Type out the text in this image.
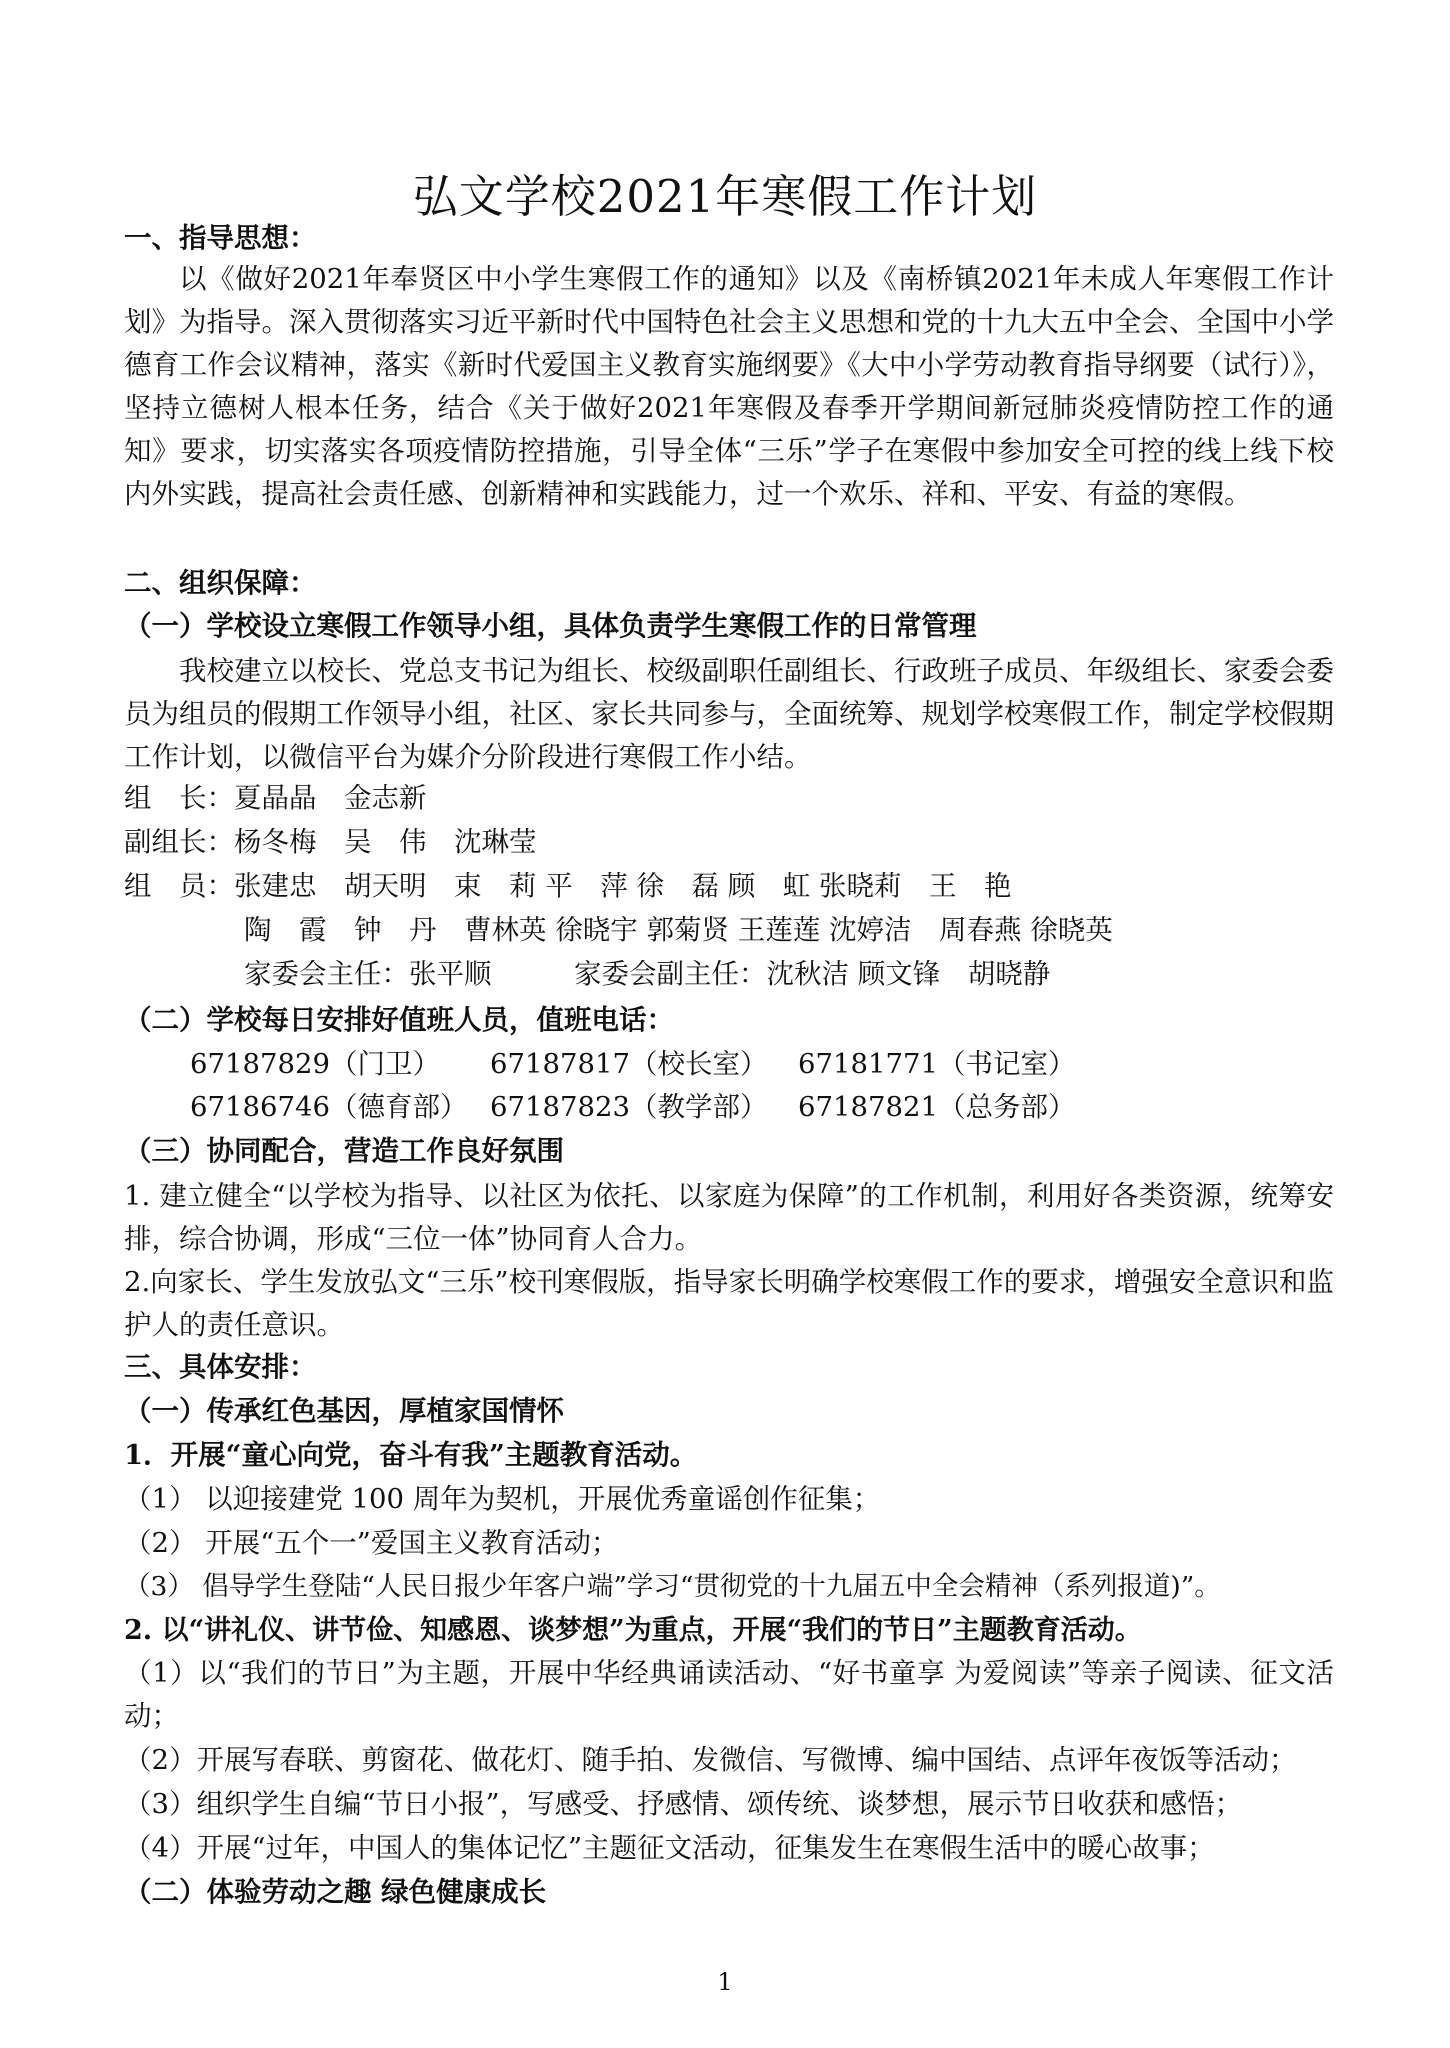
弘文学校2021年寒假工作计划
一、指导思想：
以《做好2021年奉贤区中小学生寒假工作的通知》以及《南桥镇2021年未成人年寒假工作计划》为指导。深入贯彻落实习近平新时代中国特色社会主义思想和党的十九大五中全会、全国中小学德育工作会议精神，落实《新时代爱国主义教育实施纲要》《大中小学劳动教育指导纲要（试行）》，坚持立德树人根本任务，结合《关于做好2021年寒假及春季开学期间新冠肺炎疫情防控工作的通知》要求，切实落实各项疫情防控措施，引导全体“三乐”学子在寒假中参加安全可控的线上线下校内外实践，提高社会责任感、创新精神和实践能力，过一个欢乐、祥和、平安、有益的寒假。
二、组织保障：
（一）学校设立寒假工作领导小组，具体负责学生寒假工作的日常管理
我校建立以校长、党总支书记为组长、校级副职任副组长、行政班子成员、年级组长、家委会委员为组员的假期工作领导小组，社区、家长共同参与，全面统筹、规划学校寒假工作，制定学校假期工作计划，以微信平台为媒介分阶段进行寒假工作小结。
组　长：夏晶晶　金志新
副组长：杨冬梅　吴　伟　沈琳莹
组　员：张建忠　胡天明　束　莉 平　萍 徐　磊 顾　虹 张晓莉　王　艳
陶　霞　钟　丹　曹林英 徐晓宇 郭菊贤 王莲莲 沈婷洁　周春燕 徐晓英
家委会主任：张平顺　　　家委会副主任：沈秋洁 顾文锋　胡晓静
（二）学校每日安排好值班人员，值班电话：
67187829（门卫） 67187817（校长室） 67181771（书记室）
67186746（德育部） 67187823（教学部） 67187821（总务部）
（三）协同配合，营造工作良好氛围
1. 建立健全“以学校为指导、以社区为依托、以家庭为保障”的工作机制，利用好各类资源，统筹安排，综合协调，形成“三位一体”协同育人合力。
2.向家长、学生发放弘文“三乐”校刊寒假版，指导家长明确学校寒假工作的要求，增强安全意识和监护人的责任意识。
三、具体安排：
（一）传承红色基因，厚植家国情怀
1．开展“童心向党，奋斗有我”主题教育活动。
（1） 以迎接建党 100 周年为契机，开展优秀童谣创作征集；
（2） 开展“五个一”爱国主义教育活动；
（3） 倡导学生登陆“人民日报少年客户端”学习“贯彻党的十九届五中全会精神（系列报道)”。
2. 以“讲礼仪、讲节俭、知感恩、谈梦想”为重点，开展“我们的节日”主题教育活动。
（1）以“我们的节日”为主题，开展中华经典诵读活动、“好书童享 为爱阅读”等亲子阅读、征文活动；
（2）开展写春联、剪窗花、做花灯、随手拍、发微信、写微博、编中国结、点评年夜饭等活动；
（3）组织学生自编“节日小报”，写感受、抒感情、颂传统、谈梦想，展示节日收获和感悟；
（4）开展“过年，中国人的集体记忆”主题征文活动，征集发生在寒假生活中的暖心故事；
（二）体验劳动之趣 绿色健康成长
1
